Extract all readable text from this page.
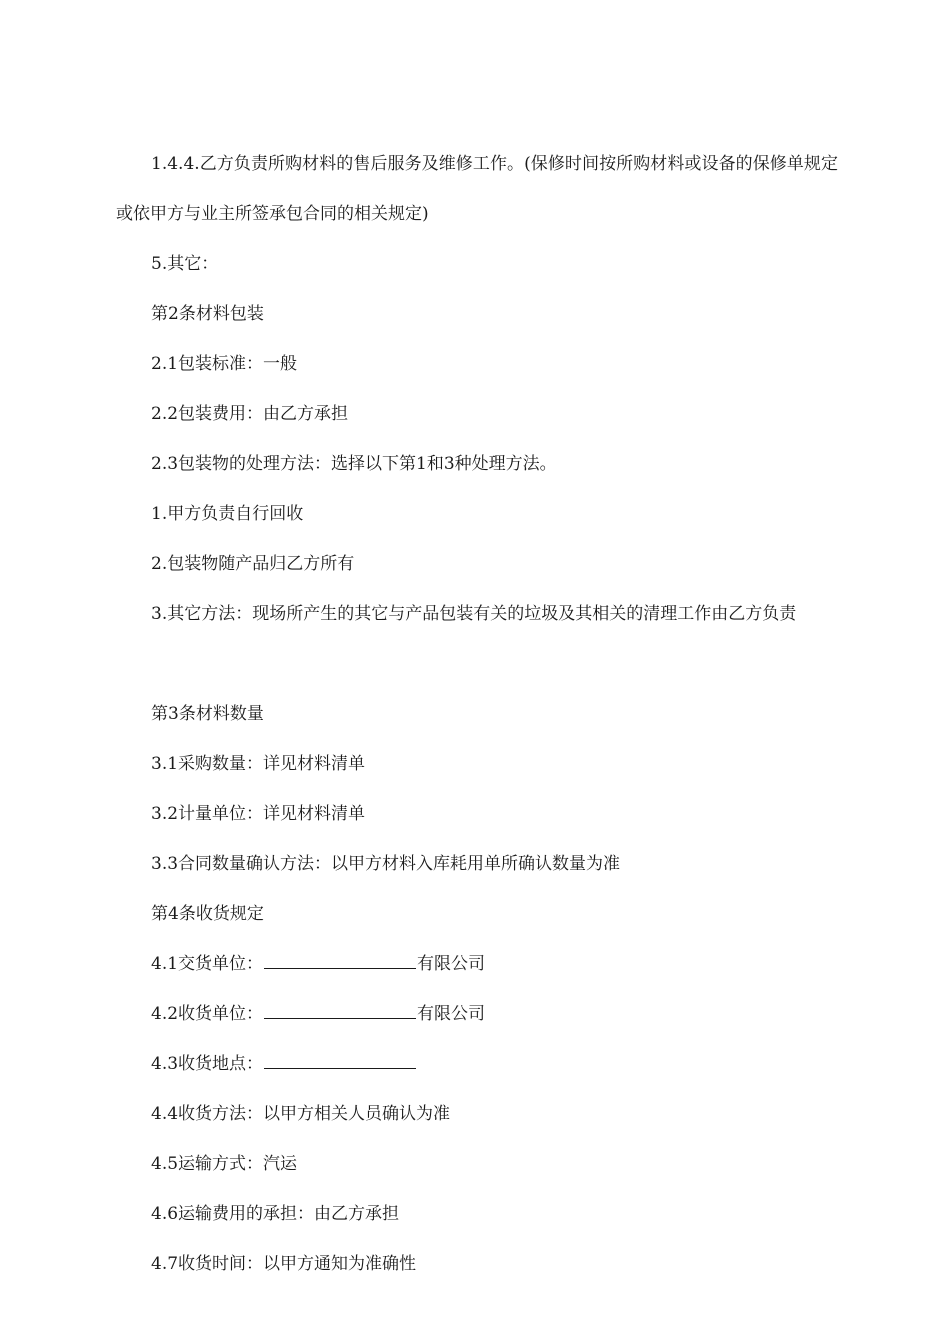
1.4.4.乙方负责所购材料的售后服务及维修工作。(保修时间按所购材料或设备的保修单规定或依甲方与业主所签承包合同的相关规定)

5.其它：

第2条材料包装

2.1包装标准：一般

2.2包装费用：由乙方承担

2.3包装物的处理方法：选择以下第1和3种处理方法。

1.甲方负责自行回收

2.包装物随产品归乙方所有

3.其它方法：现场所产生的其它与产品包装有关的垃圾及其相关的清理工作由乙方负责

第3条材料数量

3.1采购数量：详见材料清单

3.2计量单位：详见材料清单

3.3合同数量确认方法：以甲方材料入库耗用单所确认数量为准

第4条收货规定

4.1交货单位：	有限公司

4.2收货单位：	有限公司

4.3收货地点：

4.4收货方法：以甲方相关人员确认为准

4.5运输方式：汽运

4.6运输费用的承担：由乙方承担

4.7收货时间：以甲方通知为准确性
